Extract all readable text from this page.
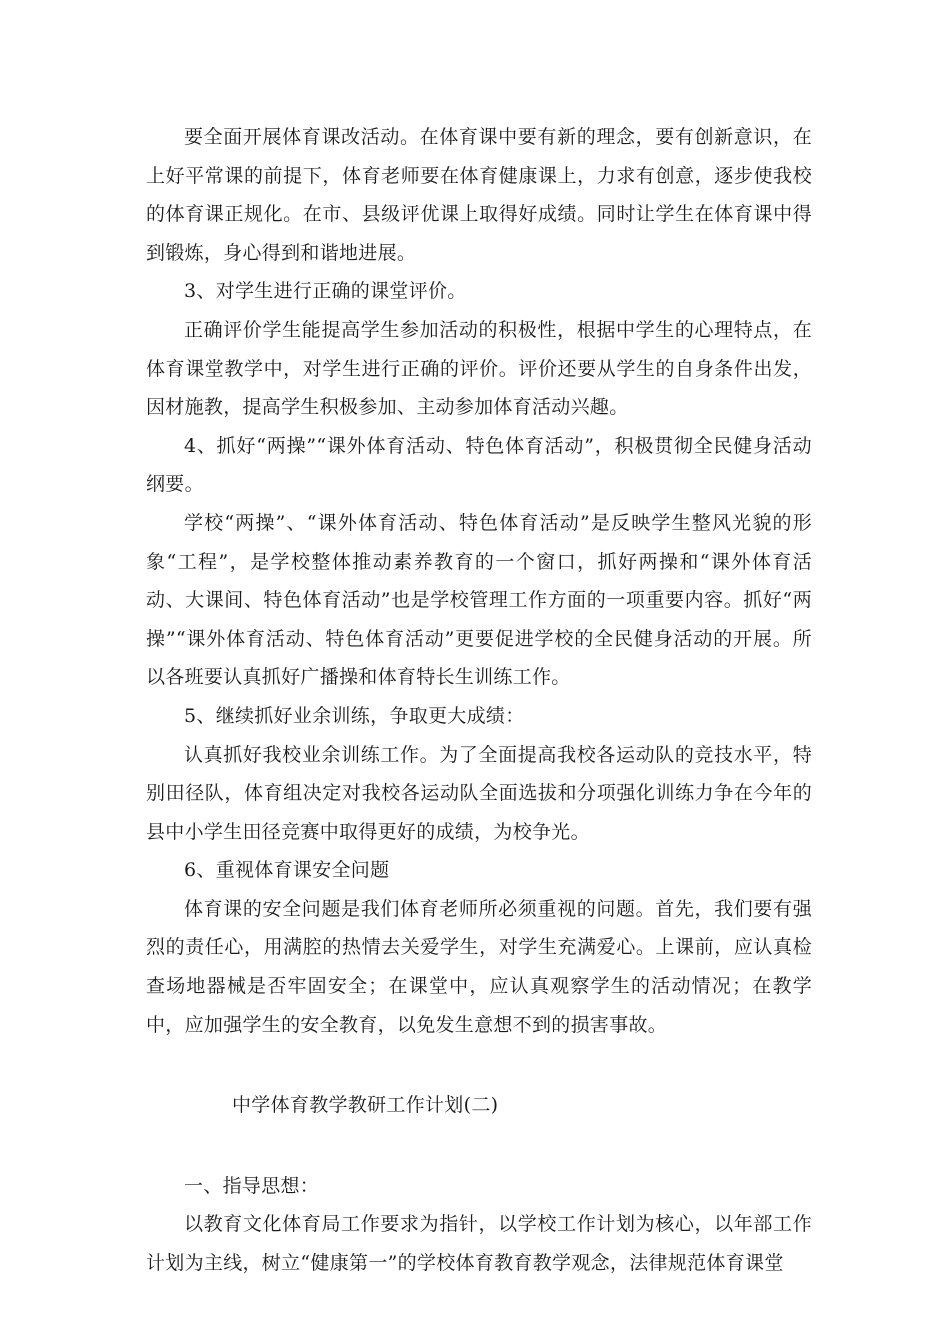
要全面开展体育课改活动。在体育课中要有新的理念，要有创新意识，在上好平常课的前提下，体育老师要在体育健康课上，力求有创意，逐步使我校的体育课正规化。在市、县级评优课上取得好成绩。同时让学生在体育课中得到锻炼，身心得到和谐地进展。

3、对学生进行正确的课堂评价。

正确评价学生能提高学生参加活动的积极性，根据中学生的心理特点，在体育课堂教学中，对学生进行正确的评价。评价还要从学生的自身条件出发，因材施教，提高学生积极参加、主动参加体育活动兴趣。

4、抓好“两操”“课外体育活动、特色体育活动”，积极贯彻全民健身活动纲要。

学校“两操”、“课外体育活动、特色体育活动”是反映学生整风光貌的形象“工程”，是学校整体推动素养教育的一个窗口，抓好两操和“课外体育活动、大课间、特色体育活动”也是学校管理工作方面的一项重要内容。抓好“两操”“课外体育活动、特色体育活动”更要促进学校的全民健身活动的开展。所以各班要认真抓好广播操和体育特长生训练工作。

5、继续抓好业余训练，争取更大成绩：

认真抓好我校业余训练工作。为了全面提高我校各运动队的竞技水平，特别田径队，体育组决定对我校各运动队全面选拔和分项强化训练力争在今年的县中小学生田径竞赛中取得更好的成绩，为校争光。

6、重视体育课安全问题

体育课的安全问题是我们体育老师所必须重视的问题。首先，我们要有强烈的责任心，用满腔的热情去关爱学生，对学生充满爱心。上课前，应认真检查场地器械是否牢固安全；在课堂中，应认真观察学生的活动情况；在教学中，应加强学生的安全教育，以免发生意想不到的损害事故。

中学体育教学教研工作计划(二)

一、指导思想：

以教育文化体育局工作要求为指针，以学校工作计划为核心，以年部工作计划为主线，树立“健康第一”的学校体育教育教学观念，法律规范体育课堂
